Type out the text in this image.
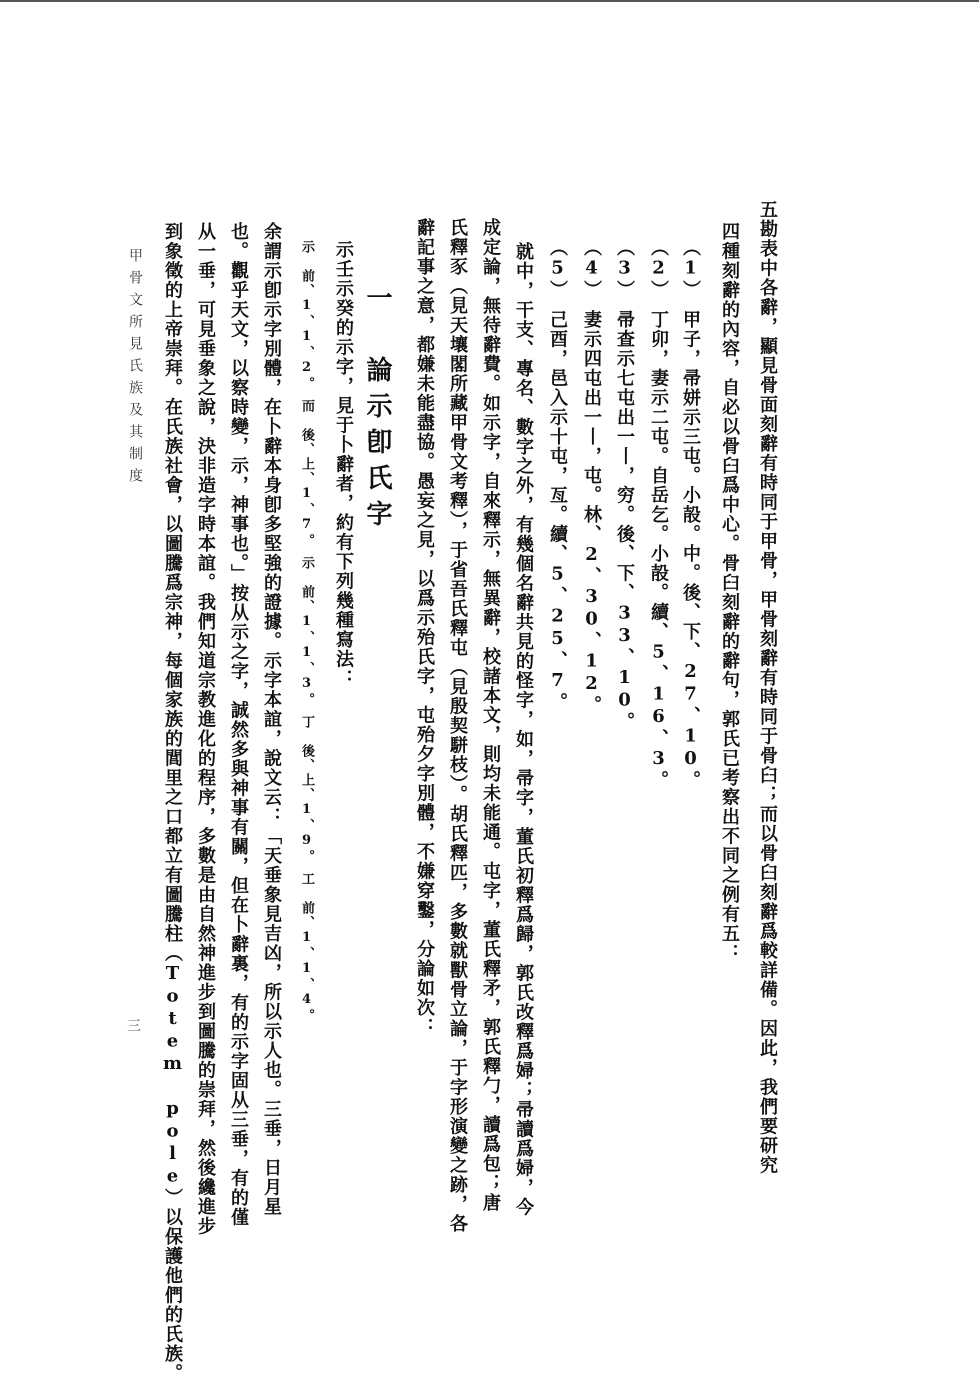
五勘表中各辭，顯見骨面刻辭有時同于甲骨，甲骨刻辭有時同于骨臼；而以骨臼刻辭爲較詳備。因此，我們要研究
四種刻辭的內容，自必以骨臼爲中心。骨臼刻辭的辭句，郭氏已考察出不同之例有五：
（1）　甲子，帚姘示三屯。小㱿。中。後、下、27、10。
（2）　丁卯，妻示二屯。自岳乞。小㱿。續、5、16、3。
（3）　帚查示七屯出一丨，穷。後、下、33、10。
（4）　妻示四屯出一丨，屯。林、2、30、12。
（5）　己酉，邑入示十屯，亙。續、5、25、7。
就中，干支、專名、數字之外，有幾個名辭共見的怪字，如，帚字，董氏初釋爲歸，郭氏改釋爲婦；帚讀爲婦，今
成定論，無待辭費。如示字，自來釋示，無異辭，校諸本文，則均未能通。屯字，董氏釋矛，郭氏釋勹，讀爲包；唐
氏釋豕（見天壤閣所藏甲骨文考釋），于省吾氏釋屯（見殷契駢枝）。胡氏釋匹，多數就獸骨立論，于字形演變之跡，各
辭記事之意，都嫌未能盡協。愚妄之見，以爲示殆氏字，屯殆夕字別體，不嫌穿鑿，分論如次：
一　論示卽氏字
示壬示癸的示字，見于卜辭者，約有下列幾種寫法：
示　前、1、1、2。　而　後、上、1、7。　示　前、1、1、3。　丁　後、上、1、9。　工　前、1、1、4。
余謂示卽示字別體，在卜辭本身卽多堅強的證據。示字本誼，說文云：「天垂象見吉凶，所以示人也。三垂，日月星
也。觀乎天文，以察時變，示，神事也。」按从示之字，誠然多與神事有關，但在卜辭裏，有的示字固从三垂，有的僅
从一垂，可見垂象之說，決非造字時本誼。我們知道宗教進化的程序，多數是由自然神進步到圖騰的崇拜，然後纔進步
到象徵的上帝崇拜。在氏族社會，以圖騰爲宗神，每個家族的閭里之口都立有圖騰柱（Totem pole）以保護他們的氏族。
甲骨文所見氏族及其制度
三
